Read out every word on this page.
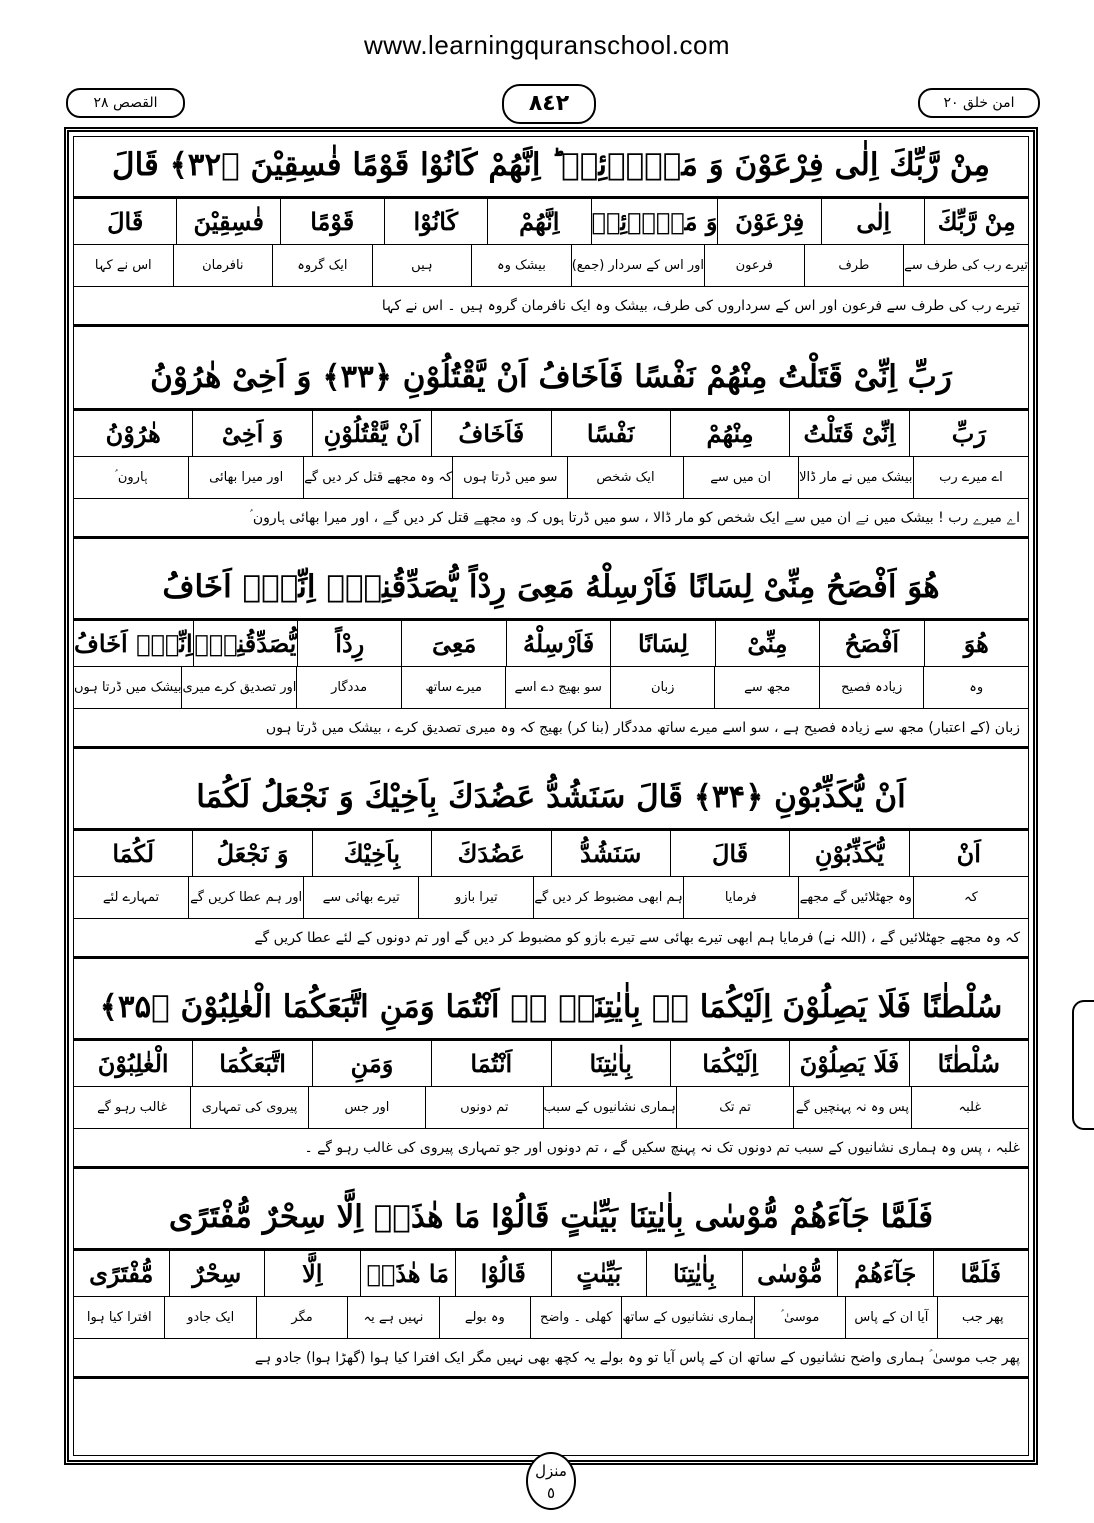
www.learningquranschool.com
القصص ٢٨	٨٤٢	امن خلق ٢٠
مِنْ رَّبِّكَ اِلٰى فِرْعَوْنَ وَ مَلَا۟ئِهٖ ؕ اِنَّهُمْ كَانُوْا قَوْمًا فٰسِقِيْنَ ﴿۳۲﴾ قَالَ
مِنْ رَّبِّكَ
اِلٰى
فِرْعَوْنَ
وَ مَلَا۟ئِهٖ
اِنَّهُمْ
كَانُوْا
قَوْمًا
فٰسِقِيْنَ
قَالَ
تیرے رب کی طرف سے
طرف
فرعون
اور اس کے سردار (جمع)
بیشک وہ
ہیں
ایک گروہ
نافرمان
اس نے کہا
تیرے رب کی طرف سے فرعون اور اس کے سرداروں کی طرف، بیشک وہ ایک نافرمان گروہ ہیں ۔ اس نے کہا
رَبِّ اِنِّىْ قَتَلْتُ مِنْهُمْ نَفْسًا فَاَخَافُ اَنْ يَّقْتُلُوْنِ ﴿۳۳﴾ وَ اَخِىْ هٰرُوْنُ
رَبِّ
اِنِّىْ قَتَلْتُ
مِنْهُمْ
نَفْسًا
فَاَخَافُ
اَنْ يَّقْتُلُوْنِ
وَ اَخِىْ
هٰرُوْنُ
اے میرے رب
بیشک میں نے مار ڈالا
ان میں سے
ایک شخص
سو میں ڈرتا ہوں
کہ وہ مجھے قتل کر دیں گے
اور میرا بھائی
ہارون ؑ
اے میرے رب ! بیشک میں نے ان میں سے ایک شخص کو مار ڈالا ، سو میں ڈرتا ہوں کہ وہ مجھے قتل کر دیں گے ، اور میرا بھائی ہارون ؑ
هُوَ اَفْصَحُ مِنِّىْ لِسَانًا فَاَرْسِلْهُ مَعِىَ رِدْاً يُّصَدِّقُنِىْۤ اِنِّىْۤ اَخَافُ
هُوَ
اَفْصَحُ
مِنِّىْ
لِسَانًا
فَاَرْسِلْهُ
مَعِىَ
رِدْاً
يُّصَدِّقُنِىْۤ
اِنِّىْۤ اَخَافُ
وہ
زیادہ فصیح
مجھ سے
زبان
سو بھیج دے اسے
میرے ساتھ
مددگار
اور تصدیق کرے میری
بیشک میں ڈرتا ہوں
زبان (کے اعتبار) مجھ سے زیادہ فصیح ہے ، سو اسے میرے ساتھ مددگار (بنا کر) بھیج کہ وہ میری تصدیق کرے ، بیشک میں ڈرتا ہوں
اَنْ يُّكَذِّبُوْنِ ﴿۳۴﴾ قَالَ سَنَشُدُّ عَضُدَكَ بِاَخِيْكَ وَ نَجْعَلُ لَكُمَا
اَنْ
يُّكَذِّبُوْنِ
قَالَ
سَنَشُدُّ
عَضُدَكَ
بِاَخِيْكَ
وَ نَجْعَلُ
لَكُمَا
کہ
وہ جھٹلائیں گے مجھے
فرمایا
ہم ابھی مضبوط کر دیں گے
تیرا بازو
تیرے بھائی سے
اور ہم عطا کریں گے
تمہارے لئے
کہ وہ مجھے جھٹلائیں گے ، (اللہ نے) فرمایا ہم ابھی تیرے بھائی سے تیرے بازو کو مضبوط کر دیں گے اور تم دونوں کے لئے عطا کریں گے
سُلْطٰنًا فَلَا يَصِلُوْنَ اِلَيْكُمَا ۚۛ بِاٰيٰتِنَاۤ ۚۛ اَنْتُمَا وَمَنِ اتَّبَعَكُمَا الْغٰلِبُوْنَ ﴿۳۵﴾
سُلْطٰنًا
فَلَا يَصِلُوْنَ
اِلَيْكُمَا
بِاٰيٰتِنَا
اَنْتُمَا
وَمَنِ
اتَّبَعَكُمَا
الْغٰلِبُوْنَ
غلبہ
پس وہ نہ پہنچیں گے
تم تک
ہماری نشانیوں کے سبب
تم دونوں
اور جس
پیروی کی تمہاری
غالب رہو گے
غلبہ ، پس وہ ہماری نشانیوں کے سبب تم دونوں تک نہ پہنچ سکیں گے ، تم دونوں اور جو تمہاری پیروی کی غالب رہو گے ۔
فَلَمَّا جَآءَهُمْ مُّوْسٰى بِاٰيٰتِنَا بَيِّنٰتٍ قَالُوْا مَا هٰذَاۤ اِلَّا سِحْرٌ مُّفْتَرًى
فَلَمَّا
جَآءَهُمْ
مُّوْسٰى
بِاٰيٰتِنَا
بَيِّنٰتٍ
قَالُوْا
مَا هٰذَاۤ
اِلَّا
سِحْرٌ
مُّفْتَرًى
پھر جب
آیا ان کے پاس
موسیٰ ؑ
ہماری نشانیوں کے ساتھ
کھلی ۔ واضح
وہ بولے
نہیں ہے یہ
مگر
ایک جادو
افترا کیا ہوا
پھر جب موسیٰ ؑ ہماری واضح نشانیوں کے ساتھ ان کے پاس آیا تو وہ بولے یہ کچھ بھی نہیں مگر ایک افترا کیا ہوا (گھڑا ہوا) جادو ہے
منزل
٥
